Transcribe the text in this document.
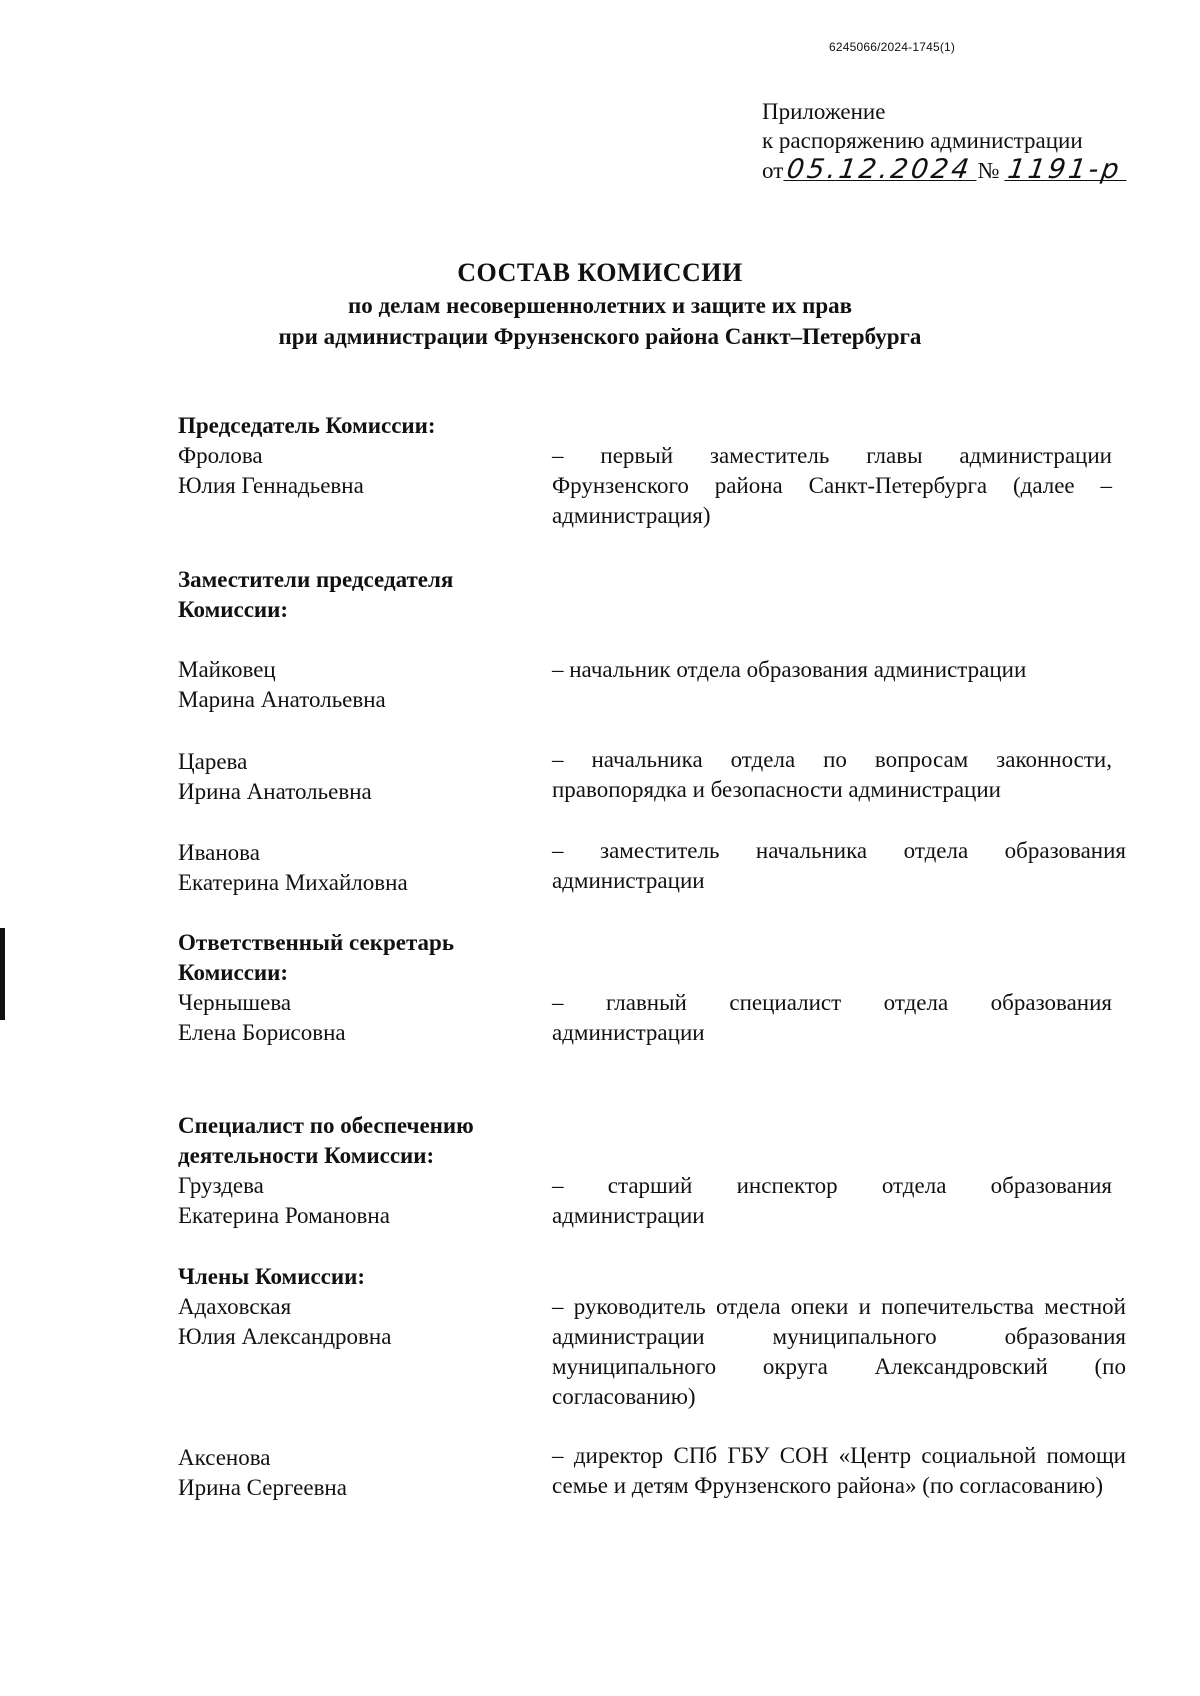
6245066/2024-1745(1)
Приложение
к распоряжению администрации
от05.12.2024 № 1191-р
СОСТАВ КОМИССИИ
по делам несовершеннолетних и защите их прав
при администрации Фрунзенского района Санкт–Петербурга
Председатель Комиссии:
Фролова
Юлия Геннадьевна
– первый заместитель главы администрации Фрунзенского района Санкт-Петербурга (далее – администрация)
Заместители председателя
Комиссии:
Майковец
Марина Анатольевна
– начальник отдела образования администрации
Царева
Ирина Анатольевна
– начальника отдела по вопросам законности, правопорядка и безопасности администрации
Иванова
Екатерина Михайловна
– заместитель начальника отдела образования администрации
Ответственный секретарь
Комиссии:
Чернышева
Елена Борисовна
– главный специалист отдела образования администрации
Специалист по обеспечению
деятельности Комиссии:
Груздева
Екатерина Романовна
– старший инспектор отдела образования администрации
Члены Комиссии:
Адаховская
Юлия Александровна
– руководитель отдела опеки и попечительства местной администрации муниципального образования муниципального округа Александровский (по согласованию)
Аксенова
Ирина Сергеевна
– директор СПб ГБУ СОН «Центр социальной помощи семье и детям Фрунзенского района» (по согласованию)
